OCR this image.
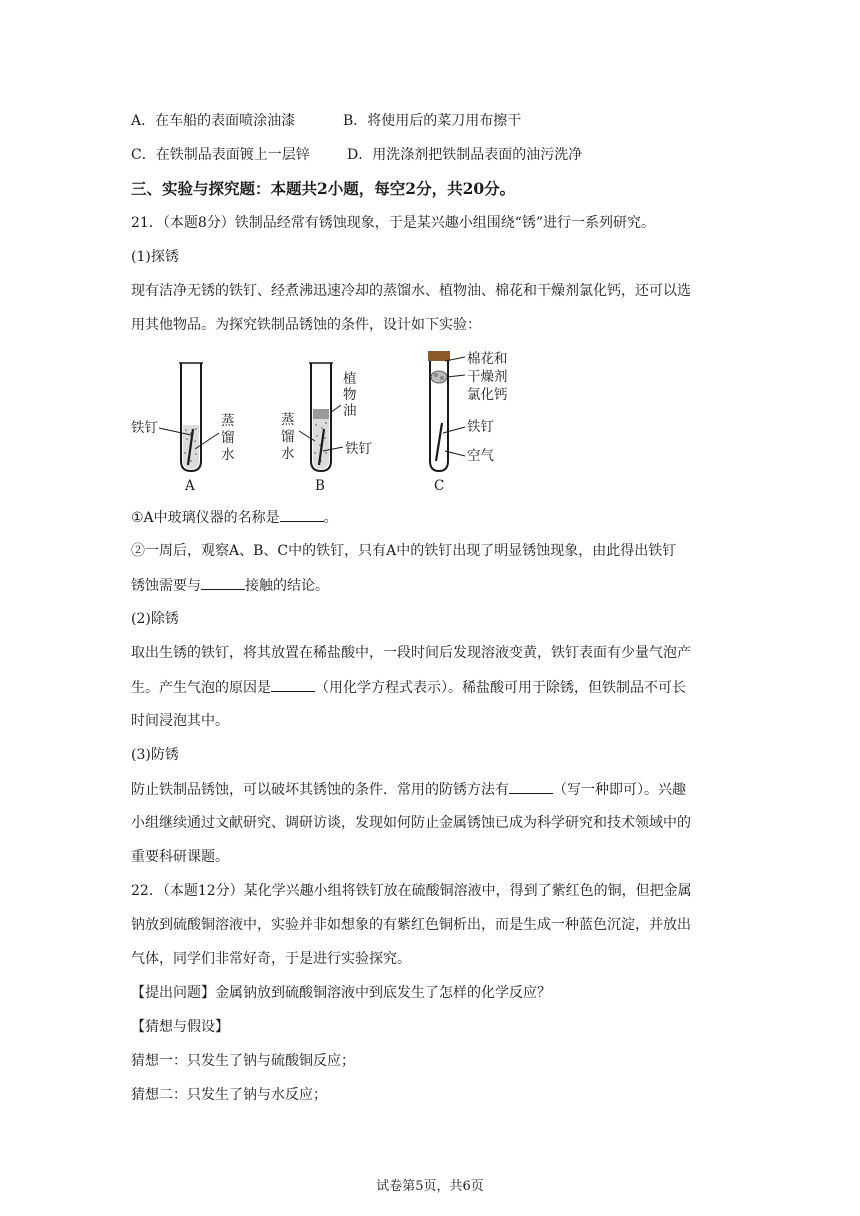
A．在车船的表面喷涂油漆	B．将使用后的菜刀用布擦干
C．在铁制品表面镀上一层锌	D．用洗涤剂把铁制品表面的油污洗净
三、实验与探究题：本题共2小题，每空2分，共20分。
21．（本题8分）铁制品经常有锈蚀现象，于是某兴趣小组围绕“锈”进行一系列研究。
(1)探锈
现有洁净无锈的铁钉、经煮沸迅速冷却的蒸馏水、植物油、棉花和干燥剂氯化钙，还可以选
用其他物品。为探究铁制品锈蚀的条件，设计如下实验：
铁钉	蒸
馏
水
A
植
物
油
蒸
馏
水	铁钉
B
棉花和
干燥剂
氯化钙
铁钉
空气
C
①A中玻璃仪器的名称是	。
②一周后，观察A、B、C中的铁钉，只有A中的铁钉出现了明显锈蚀现象，由此得出铁钉
锈蚀需要与	接触的结论。
(2)除锈
取出生锈的铁钉，将其放置在稀盐酸中，一段时间后发现溶液变黄，铁钉表面有少量气泡产
生。产生气泡的原因是	（用化学方程式表示）。稀盐酸可用于除锈，但铁制品不可长
时间浸泡其中。
(3)防锈
防止铁制品锈蚀，可以破坏其锈蚀的条件．常用的防锈方法有	（写一种即可）。兴趣
小组继续通过文献研究、调研访谈，发现如何防止金属锈蚀已成为科学研究和技术领域中的
重要科研课题。
22．（本题12分）某化学兴趣小组将铁钉放在硫酸铜溶液中，得到了紫红色的铜，但把金属
钠放到硫酸铜溶液中，实验并非如想象的有紫红色铜析出，而是生成一种蓝色沉淀，并放出
气体，同学们非常好奇，于是进行实验探究。
【提出问题】金属钠放到硫酸铜溶液中到底发生了怎样的化学反应？
【猜想与假设】
猜想一：只发生了钠与硫酸铜反应；
猜想二：只发生了钠与水反应；
试卷第5页，共6页
